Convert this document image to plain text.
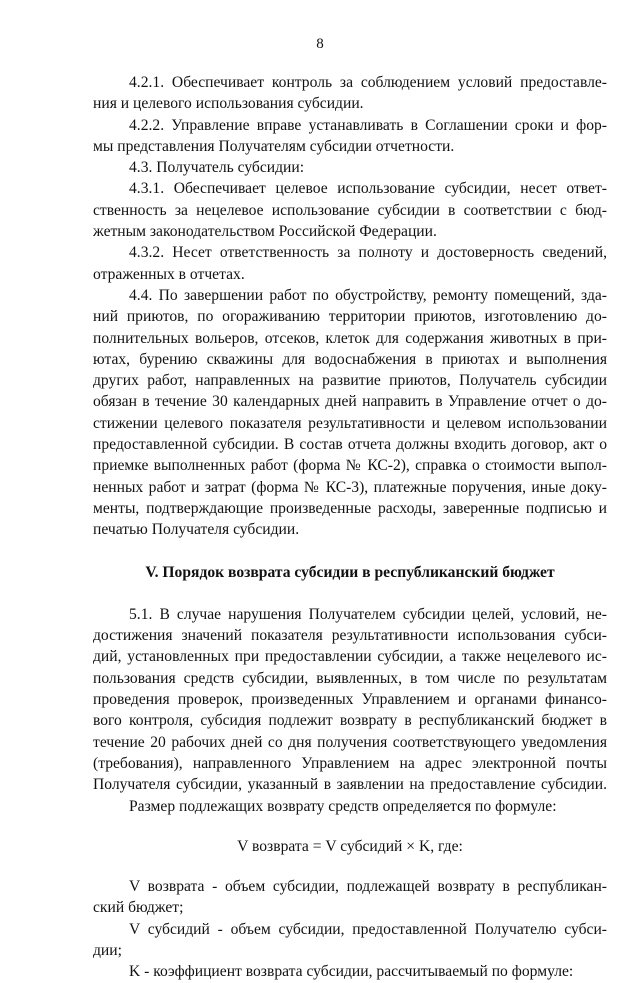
8

4.2.1. Обеспечивает контроль за соблюдением условий предоставле-

ния и целевого использования субсидии.

4.2.2. Управление вправе устанавливать в Соглашении сроки и фор-

мы представления Получателям субсидии отчетности.

4.3. Получатель субсидии:

4.3.1. Обеспечивает целевое использование субсидии, несет ответ-

ственность за нецелевое использование субсидии в соответствии с бюд-

жетным законодательством Российской Федерации.

4.3.2. Несет ответственность за полноту и достоверность сведений,

отраженных в отчетах.

4.4. По завершении работ по обустройству, ремонту помещений, зда-

ний приютов, по огораживанию территории приютов, изготовлению до-

полнительных вольеров, отсеков, клеток для содержания животных в при-

ютах, бурению скважины для водоснабжения в приютах и выполнения

других работ, направленных на развитие приютов, Получатель субсидии

обязан в течение 30 календарных дней направить в Управление отчет о до-

стижении целевого показателя результативности и целевом использовании

предоставленной субсидии. В состав отчета должны входить договор, акт о

приемке выполненных работ (форма № КС-2), справка о стоимости выпол-

ненных работ и затрат (форма № КС-3), платежные поручения, иные доку-

менты, подтверждающие произведенные расходы, заверенные подписью и

печатью Получателя субсидии.

V. Порядок возврата субсидии в республиканский бюджет

5.1. В случае нарушения Получателем субсидии целей, условий, не-

достижения значений показателя результативности использования субси-

дий, установленных при предоставлении субсидии, а также нецелевого ис-

пользования средств субсидии, выявленных, в том числе по результатам

проведения проверок, произведенных Управлением и органами финансо-

вого контроля, субсидия подлежит возврату в республиканский бюджет в

течение 20 рабочих дней со дня получения соответствующего уведомления

(требования), направленного Управлением на адрес электронной почты

Получателя субсидии, указанный в заявлении на предоставление субсидии.

Размер подлежащих возврату средств определяется по формуле:

V возврата = V субсидий × K, где:

V возврата - объем субсидии, подлежащей возврату в республикан-

ский бюджет;

V субсидий - объем субсидии, предоставленной Получателю субси-

дии;

K - коэффициент возврата субсидии, рассчитываемый по формуле:
